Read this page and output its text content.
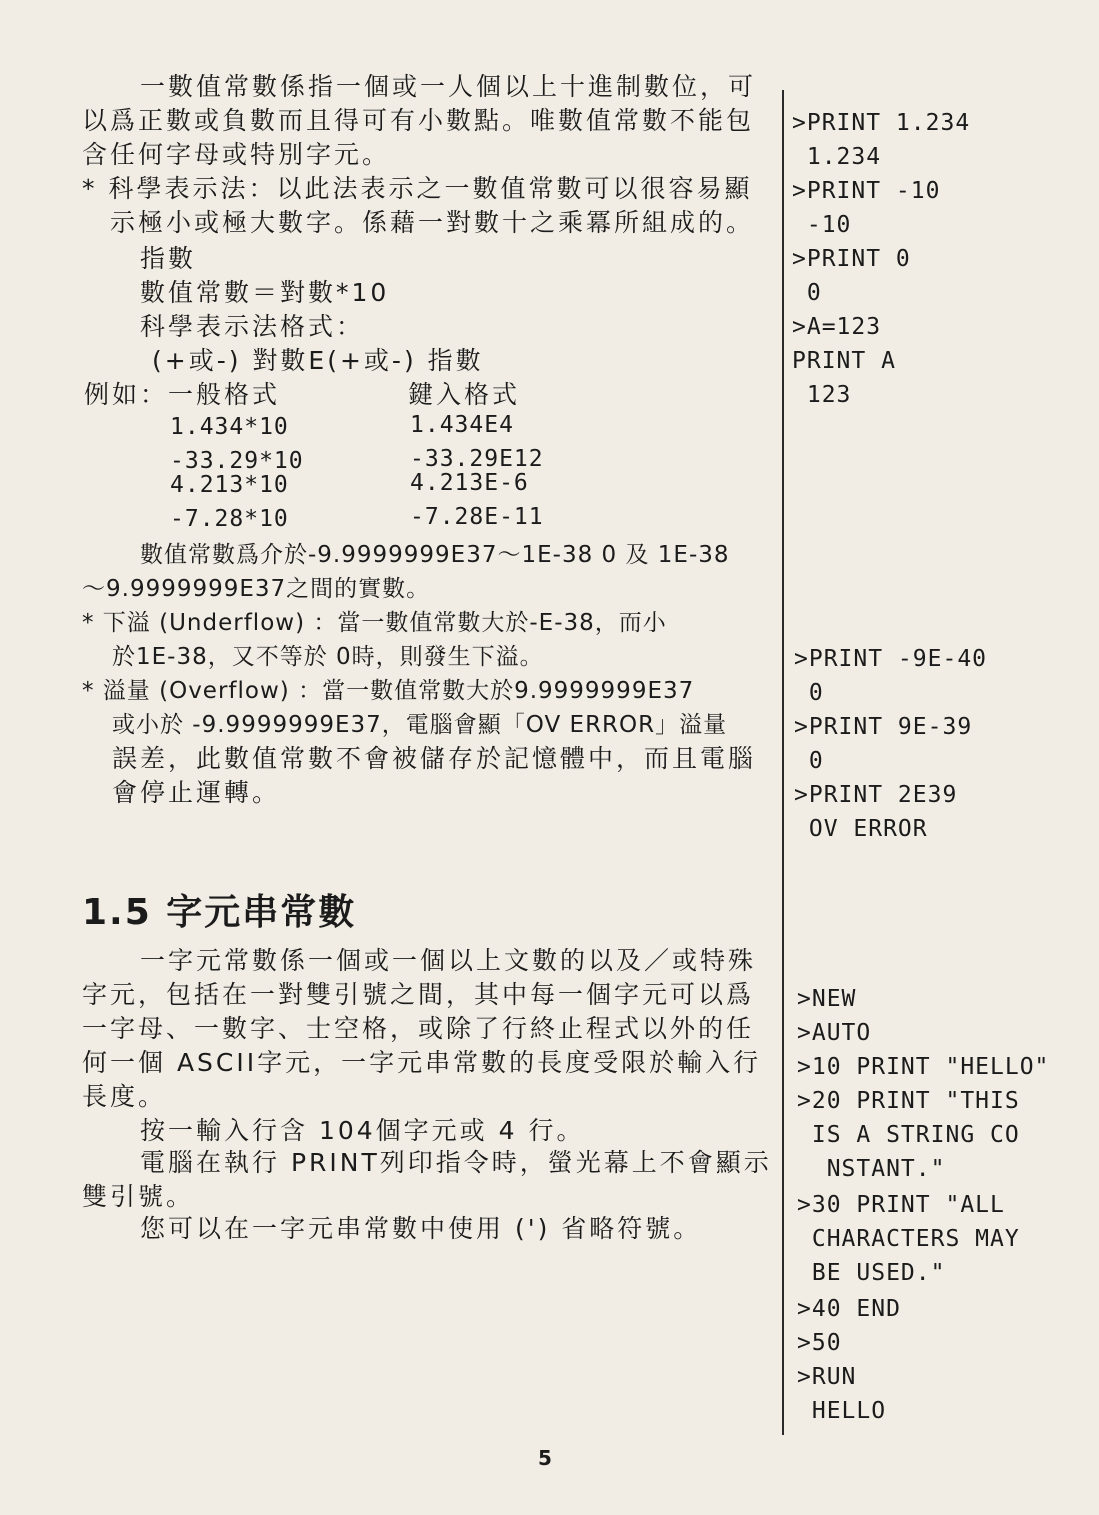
一數值常數係指一個或一人個以上十進制數位，可
以爲正數或負數而且得可有小數點。唯數值常數不能包
含任何字母或特別字元。
* 科學表示法：以此法表示之一數值常數可以很容易顯
示極小或極大數字。係藉一對數十之乘冪所組成的。
指數
數值常數＝對數*10
科學表示法格式：
(+或-) 對數E(+或-) 指數
例如：一般格式	鍵入格式
1.434*10	1.434E4
-33.29*10	-33.29E12
4.213*10	4.213E-6
-7.28*10	-7.28E-11
數值常數爲介於-9.9999999E37～1E-38 0 及 1E-38
～9.9999999E37之間的實數。
* 下溢 (Underflow) ：當一數值常數大於-E-38，而小
於1E-38，又不等於 0時，則發生下溢。
* 溢量 (Overflow) ：當一數值常數大於9.9999999E37
或小於 -9.9999999E37，電腦會顯「OV ERROR」溢量
誤差，此數值常數不會被儲存於記憶體中，而且電腦
會停止運轉。
1.5 字元串常數
一字元常數係一個或一個以上文數的以及／或特殊
字元，包括在一對雙引號之間，其中每一個字元可以爲
一字母、一數字、士空格，或除了行終止程式以外的任
何一個 ASCII字元，一字元串常數的長度受限於輸入行
長度。
按一輸入行含 104個字元或 4 行。
電腦在執行 PRINT列印指令時，螢光幕上不會顯示
雙引號。
您可以在一字元串常數中使用 (') 省略符號。
>PRINT 1.234
1.234
>PRINT -10
-10
>PRINT 0
0
>A=123
PRINT A
123
>PRINT -9E-40
0
>PRINT 9E-39
0
>PRINT 2E39
OV ERROR
>NEW
>AUTO
>10 PRINT "HELLO"
>20 PRINT "THIS
IS A STRING CO
NSTANT."
>30 PRINT "ALL
CHARACTERS MAY
BE USED."
>40 END
>50
>RUN
HELLO
5
